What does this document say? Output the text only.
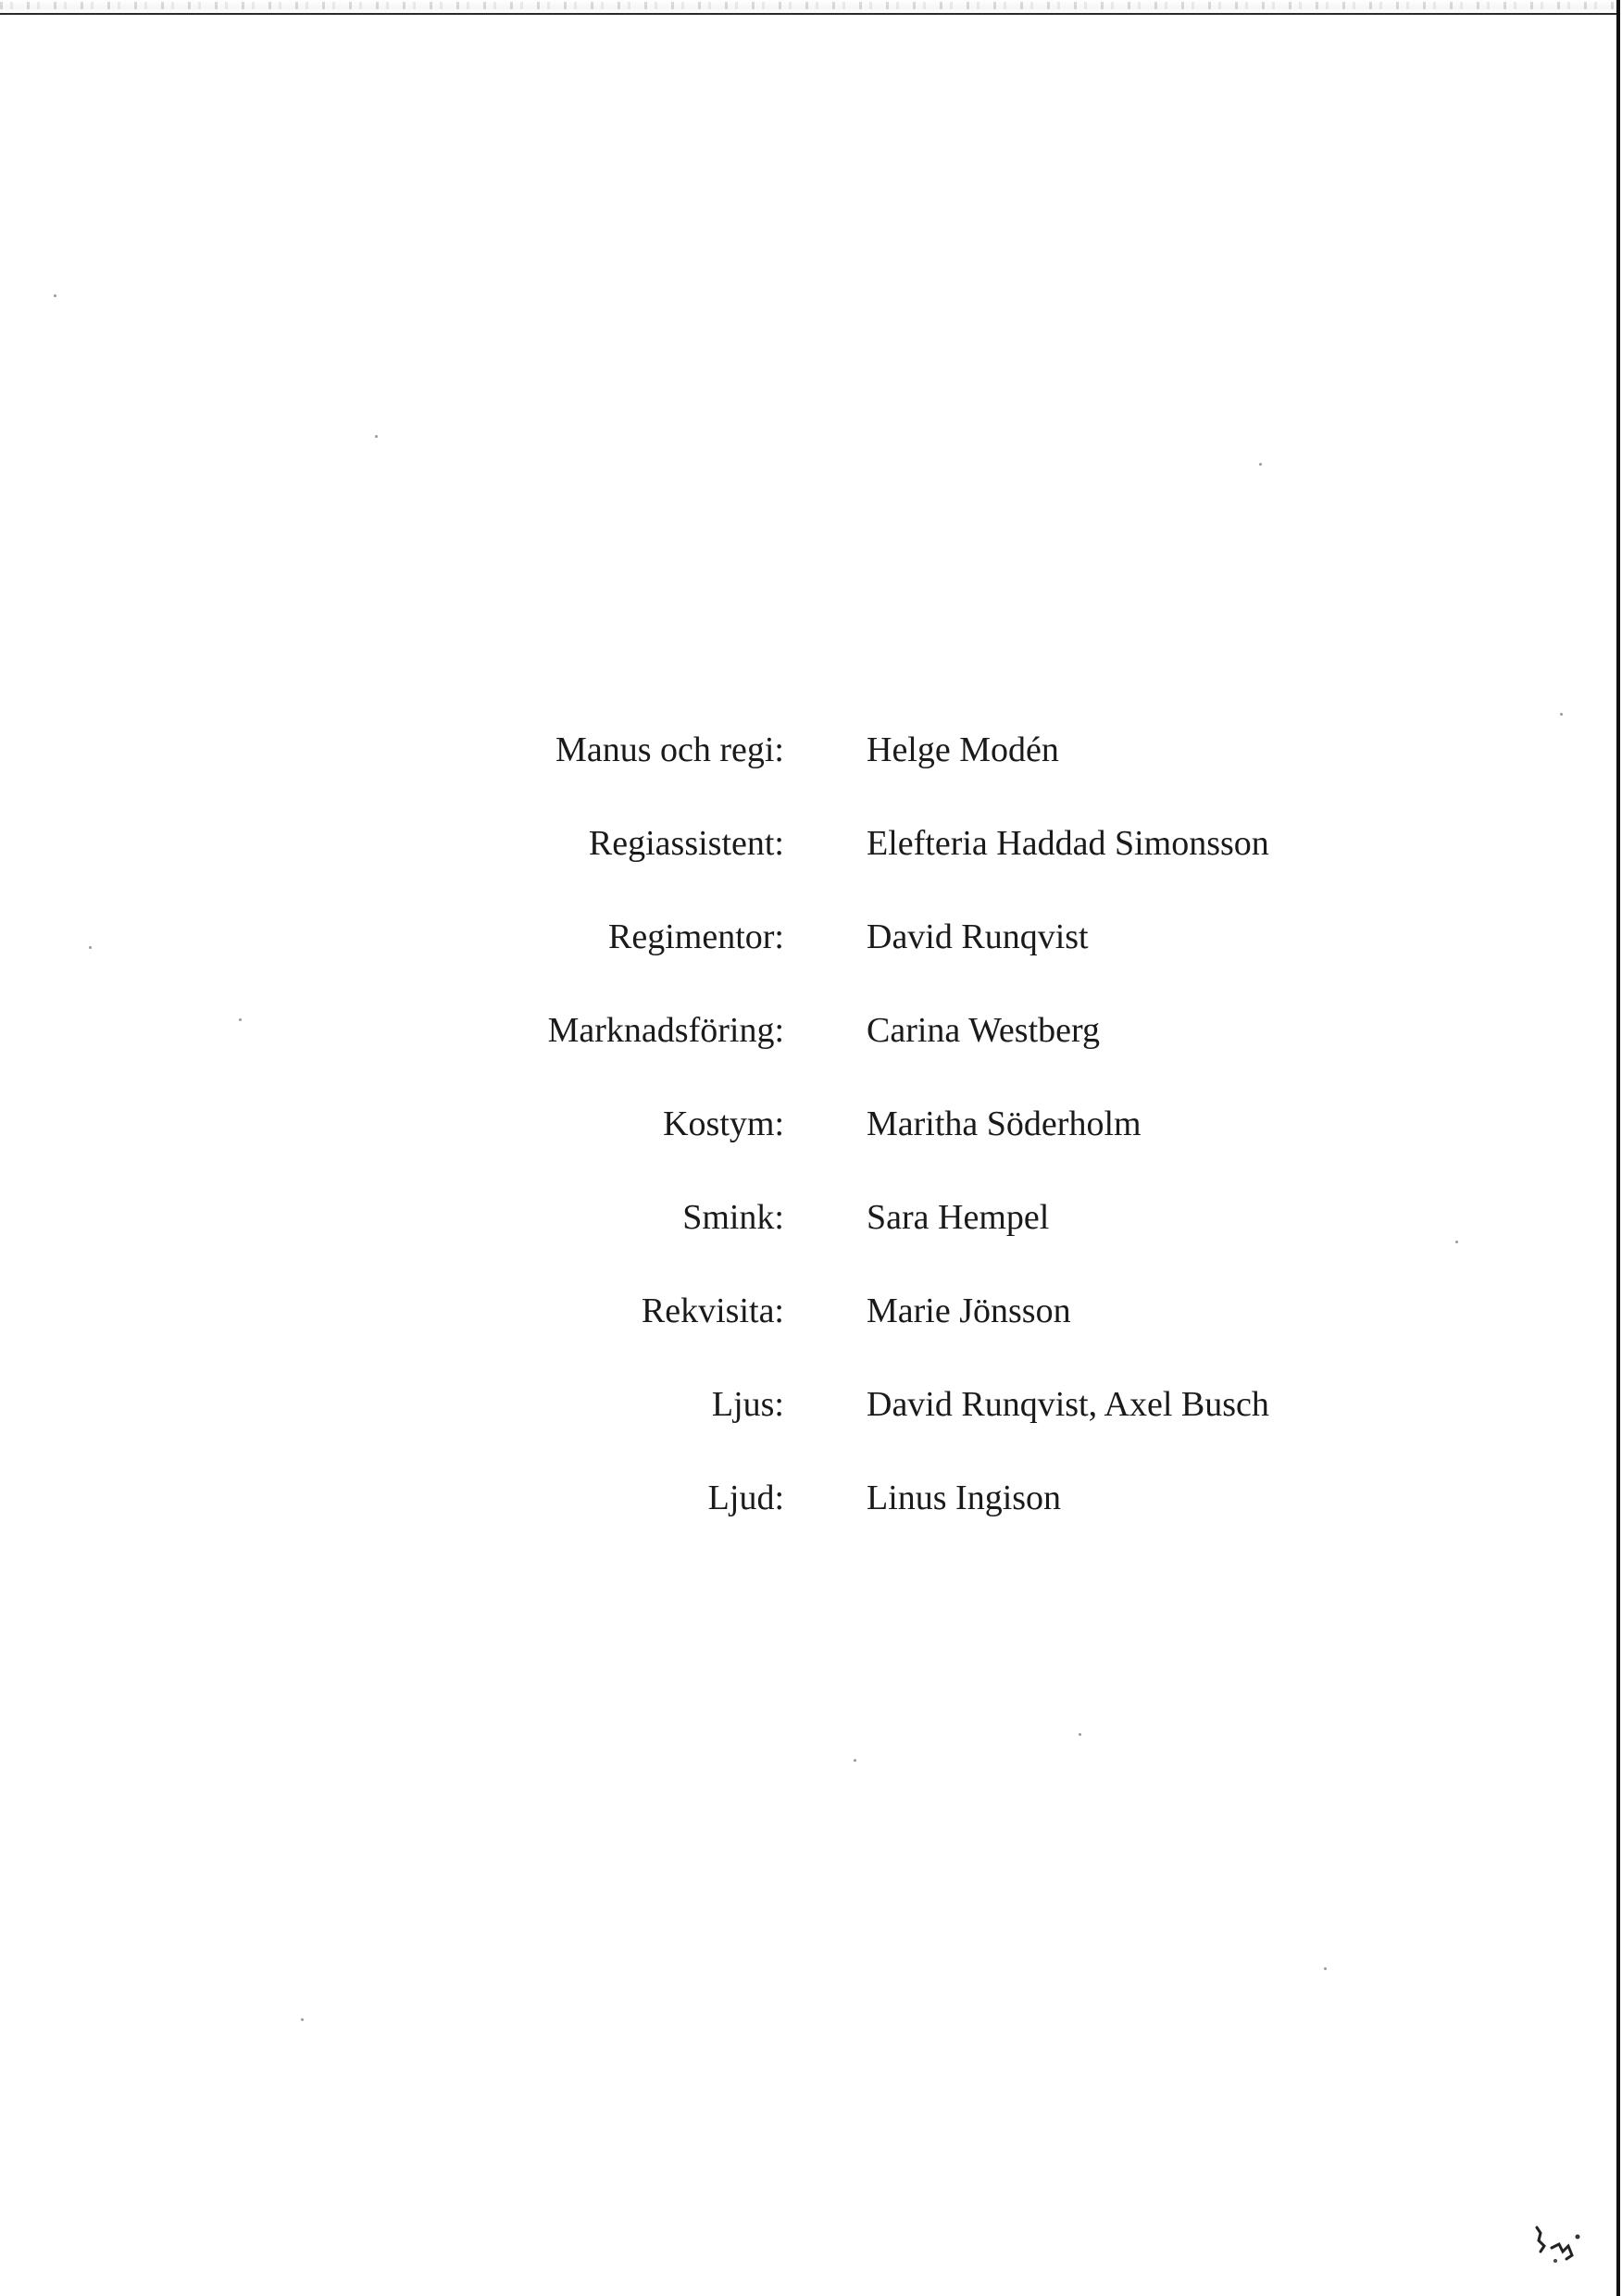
Manus och regi: Helge Modén
Regiassistent: Elefteria Haddad Simonsson
Regimentor: David Runqvist
Marknadsföring: Carina Westberg
Kostym: Maritha Söderholm
Smink: Sara Hempel
Rekvisita: Marie Jönsson
Ljus: David Runqvist, Axel Busch
Ljud: Linus Ingison
